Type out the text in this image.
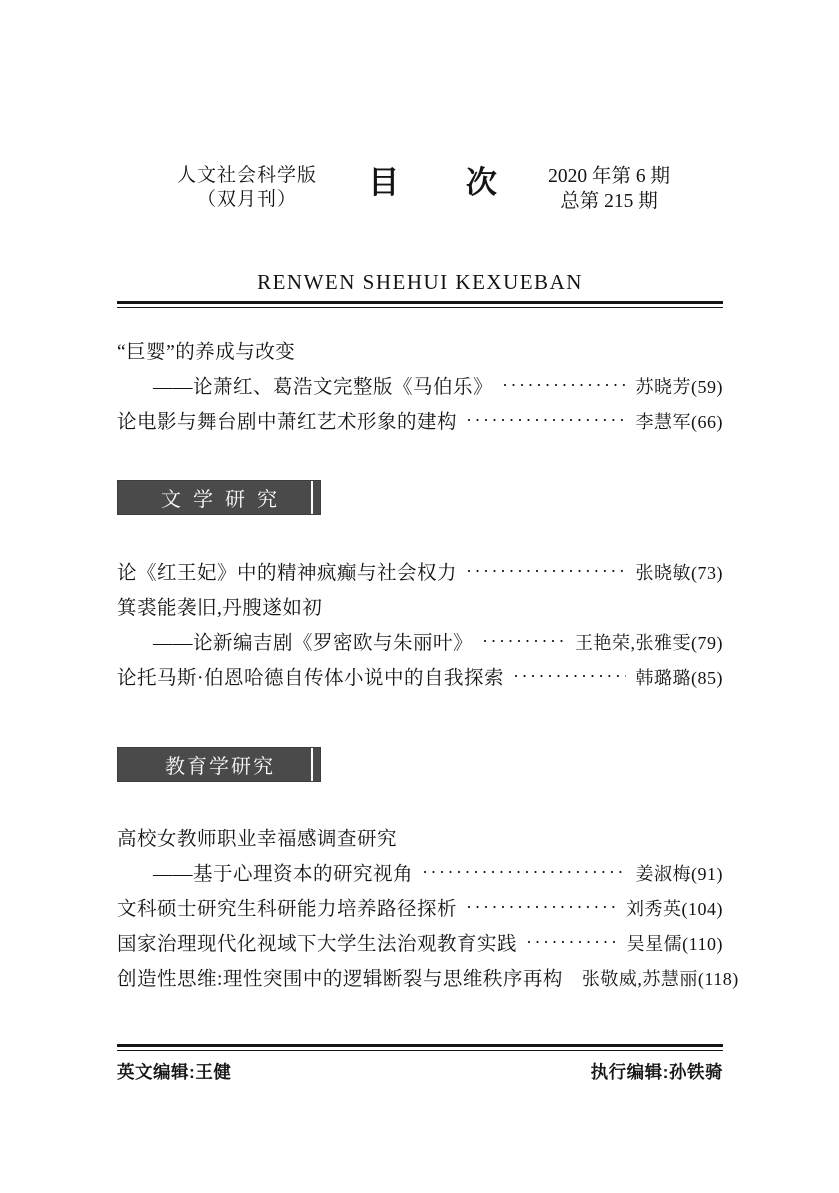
人文社会科学版
（双月刊）	目次
2020 年第 6 期
总第 215 期
RENWEN SHEHUI KEXUEBAN
“巨婴”的养成与改变
——论萧红、葛浩文完整版《马伯乐》 ·····	苏晓芳(59)
论电影与舞台剧中萧红艺术形象的建构 ·····	李慧军(66)
文学研究
论《红王妃》中的精神疯癫与社会权力 ·····	张晓敏(73)
箕裘能袭旧,丹膄遂如初
——论新编吉剧《罗密欧与朱丽叶》 ·····	王艳荣,张雅雯(79)
论托马斯·伯恩哈德自传体小说中的自我探索 ·····	韩璐璐(85)
教育学研究
高校女教师职业幸福感调查研究
——基于心理资本的研究视角 ·····	姜淑梅(91)
文科硕士研究生科研能力培养路径探析 ·····	刘秀英(104)
国家治理现代化视域下大学生法治观教育实践 ·····	吴星儒(110)
创造性思维:理性突围中的逻辑断裂与思维秩序再构 张敬威,苏慧丽(118)
英文编辑:王健	执行编辑:孙铁骑
